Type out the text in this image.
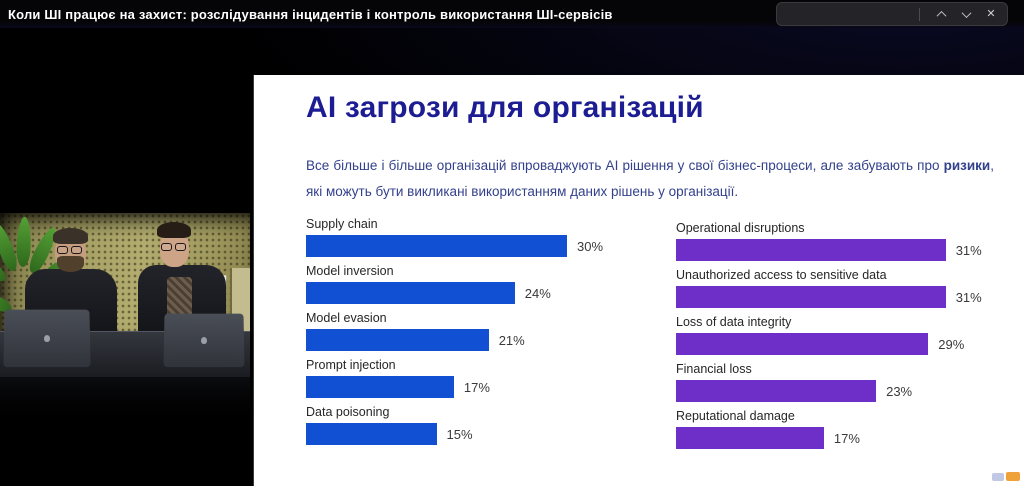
Коли ШІ працює на захист: розслідування інцидентів і контроль використання ШІ-сервісів	✕
AI загрози для організацій
Все більше і більше організацій впроваджують AI рішення у свої бізнес-процеси, але забувають про ризики, які можуть бути викликані використанням даних рішень у організації.
Supply chain
30%
Model inversion
24%
Model evasion
21%
Prompt injection
17%
Data poisoning
15%
Operational disruptions
31%
Unauthorized access to sensitive data
31%
Loss of data integrity
29%
Financial loss
23%
Reputational damage
17%
